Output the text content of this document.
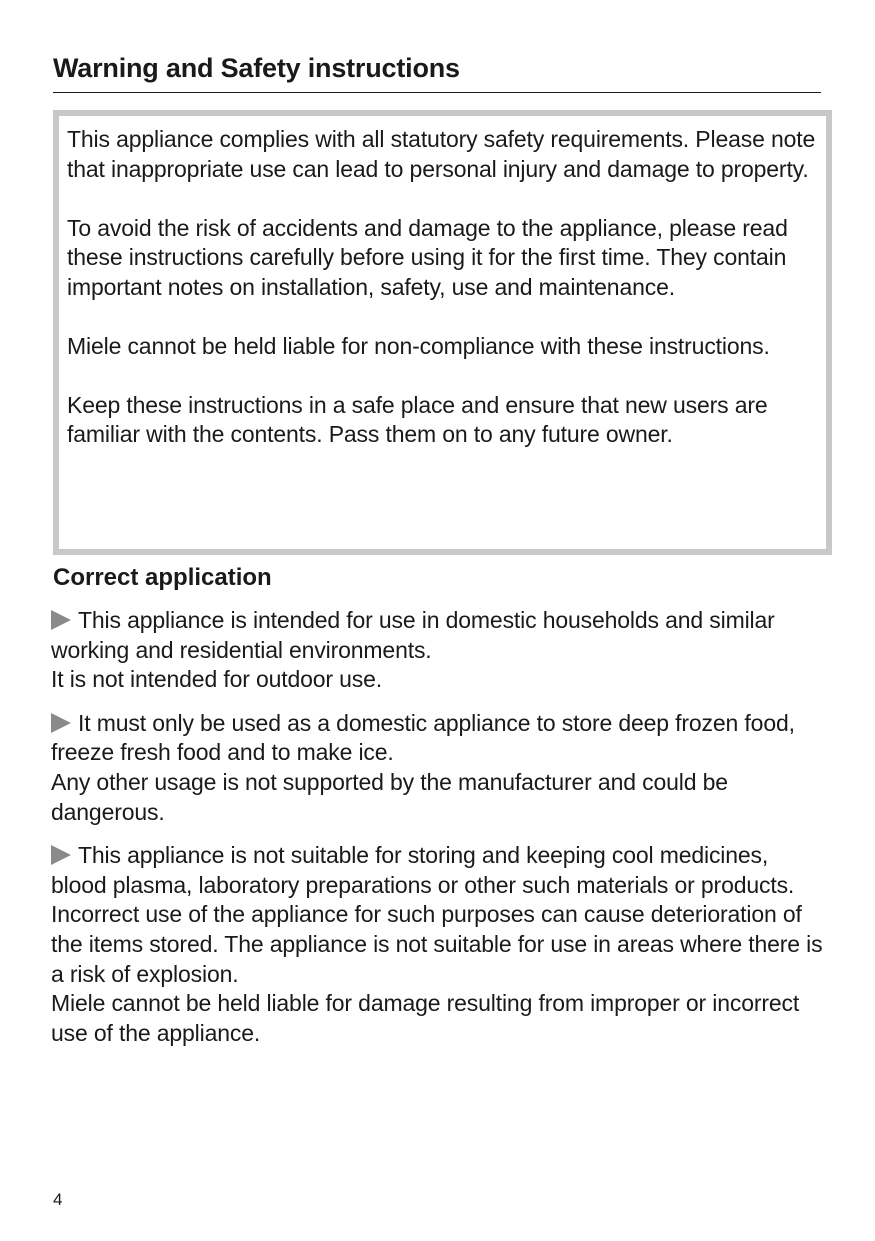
Warning and Safety instructions

This appliance complies with all statutory safety requirements. Please note that inappropriate use can lead to personal injury and damage to property.

To avoid the risk of accidents and damage to the appliance, please read these instructions carefully before using it for the first time. They contain important notes on installation, safety, use and maintenance.

Miele cannot be held liable for non-compliance with these instructions.

Keep these instructions in a safe place and ensure that new users are familiar with the contents. Pass them on to any future owner.

Correct application
This appliance is intended for use in domestic households and similar working and residential environments.
It is not intended for outdoor use.
It must only be used as a domestic appliance to store deep frozen food, freeze fresh food and to make ice.
Any other usage is not supported by the manufacturer and could be dangerous.
This appliance is not suitable for storing and keeping cool medicines, blood plasma, laboratory preparations or other such materials or products. Incorrect use of the appliance for such purposes can cause deterioration of the items stored. The appliance is not suitable for use in areas where there is a risk of explosion.
Miele cannot be held liable for damage resulting from improper or incorrect use of the appliance.
4
